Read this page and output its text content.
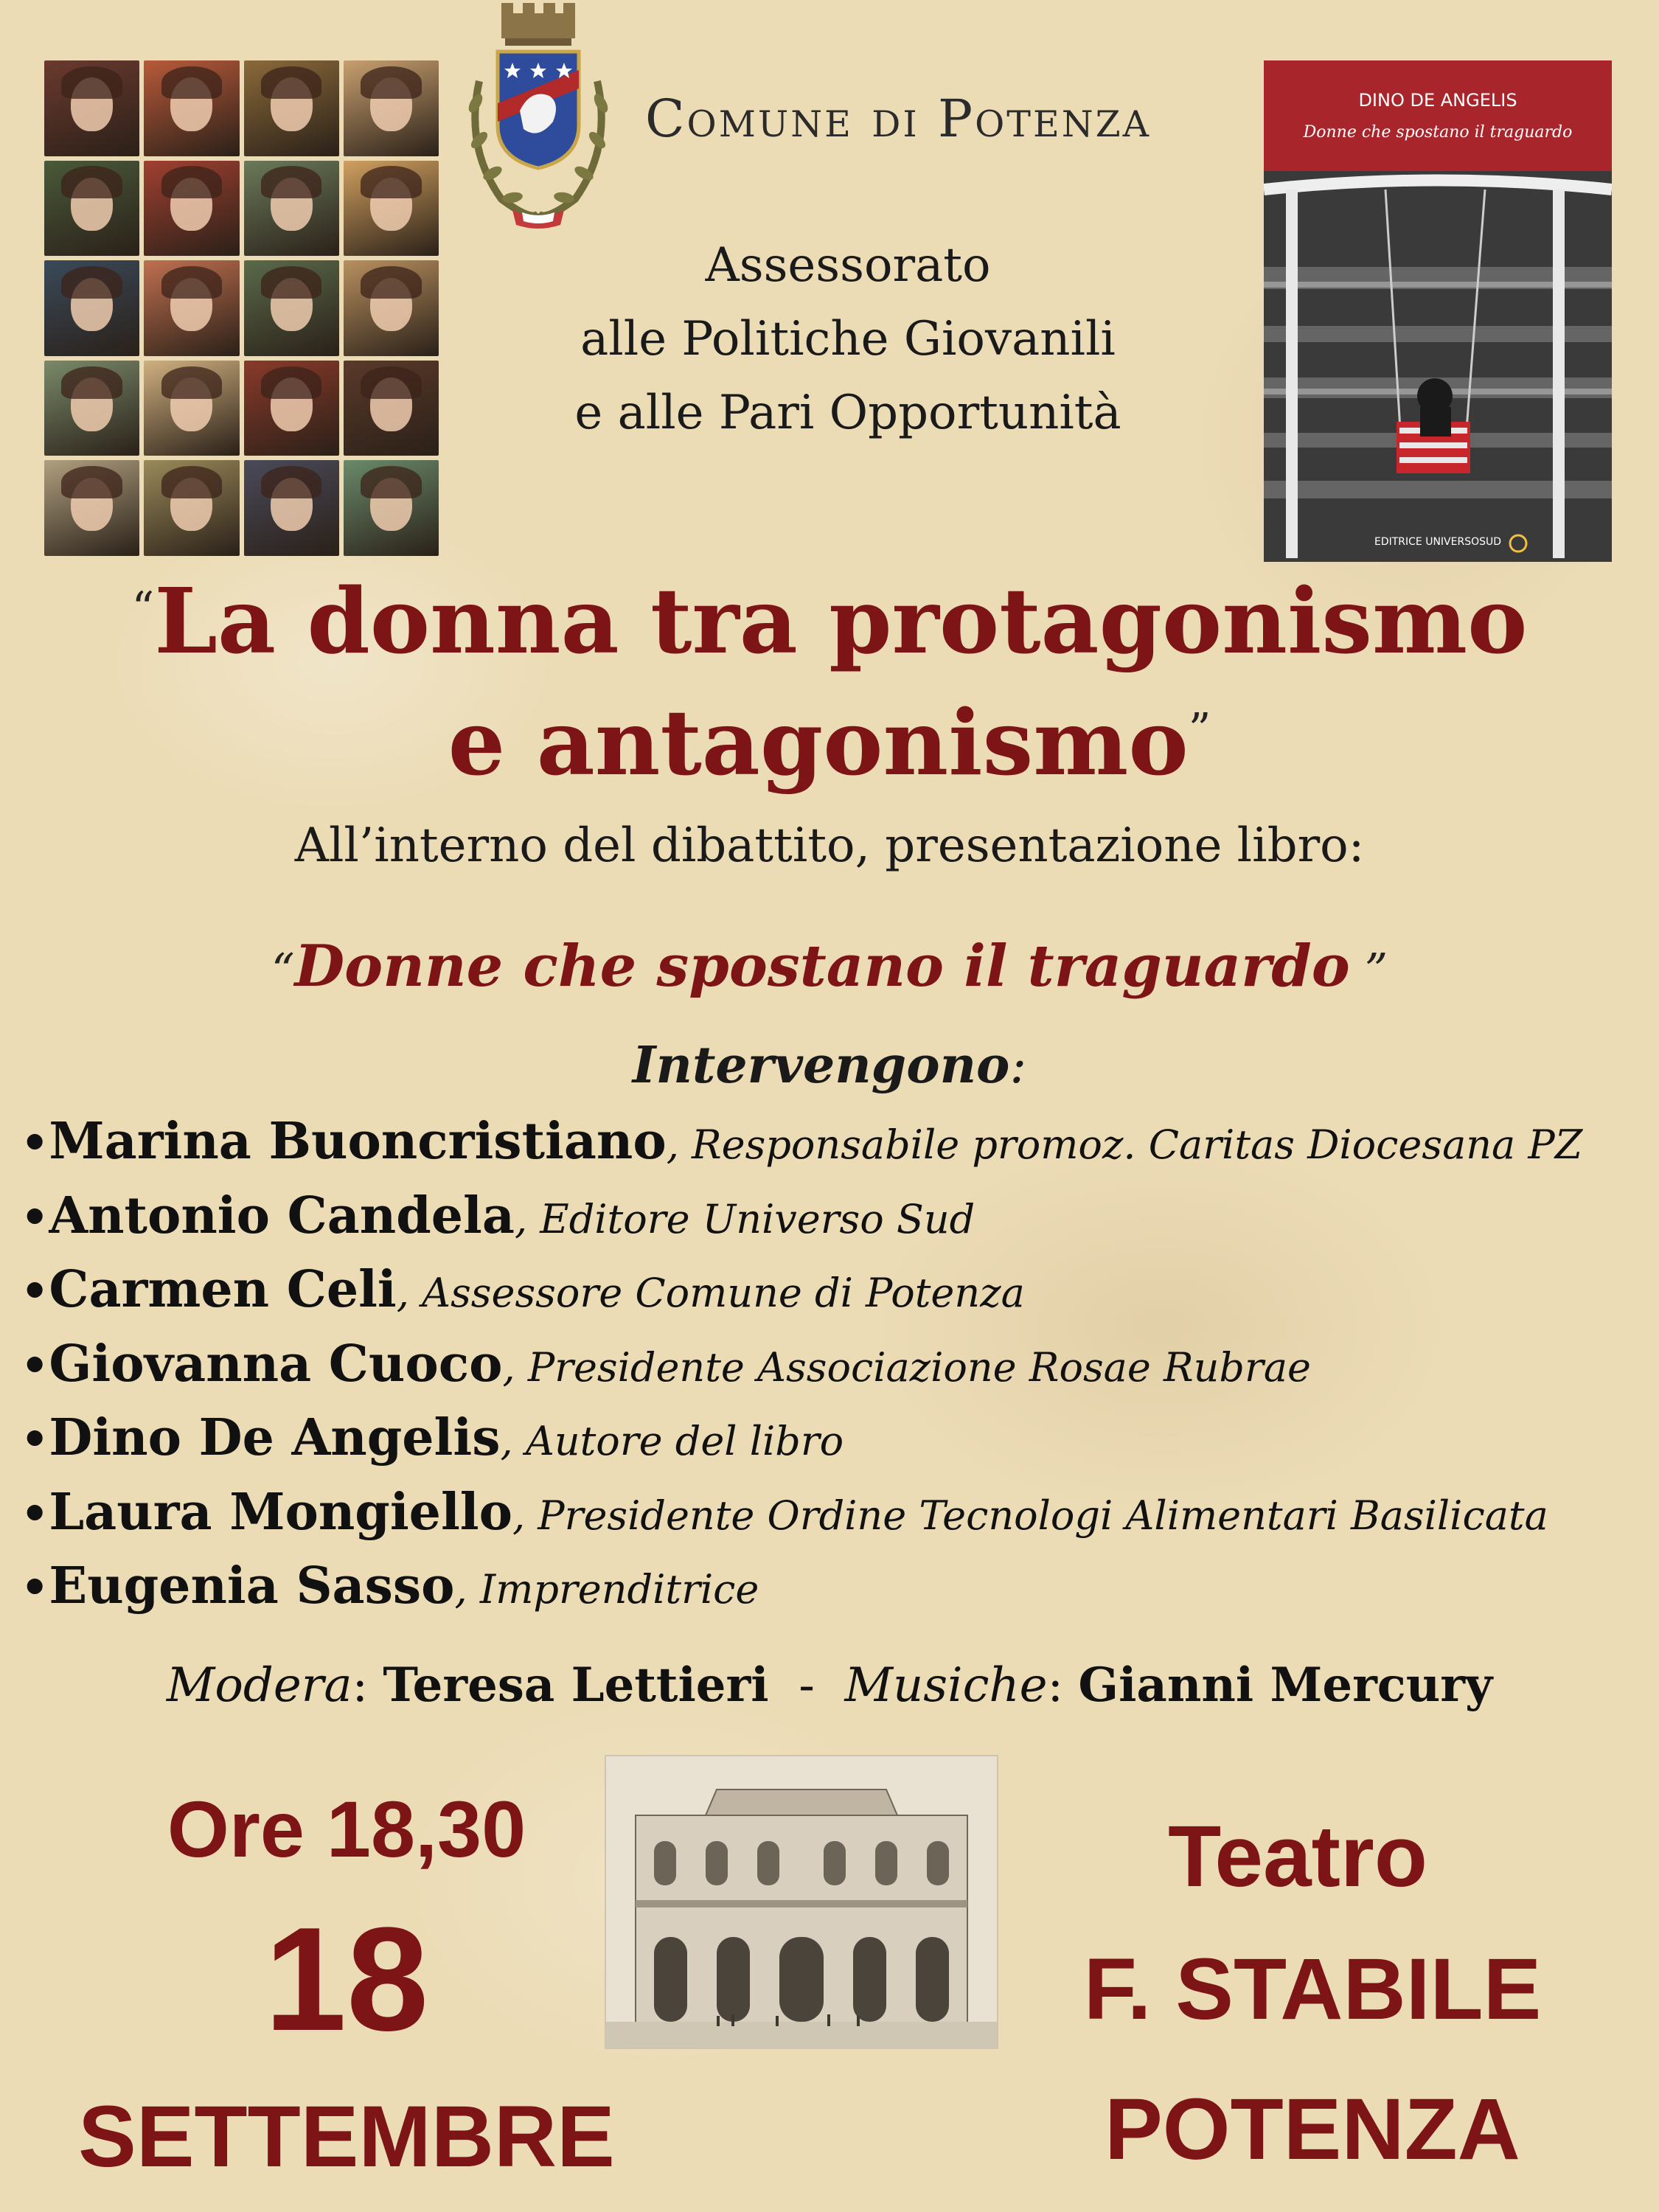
Comune di Potenza
Assessorato
alle Politiche Giovanili
e alle Pari Opportunità
DINO DE ANGELIS
Donne che spostano il traguardo
EDITRICE UNIVERSOSUD
“La donna tra protagonismo
e antagonismo”
All’interno del dibattito, presentazione libro:
“Donne che spostano il traguardo ”
Intervengono:
•Marina Buoncristiano, Responsabile promoz. Caritas Diocesana PZ
•Antonio Candela, Editore Universo Sud
•Carmen Celi, Assessore Comune di Potenza
•Giovanna Cuoco, Presidente Associazione Rosae Rubrae
•Dino De Angelis, Autore del libro
•Laura Mongiello, Presidente Ordine Tecnologi Alimentari Basilicata
•Eugenia Sasso, Imprenditrice
Modera: Teresa Lettieri  -  Musiche: Gianni Mercury
Ore 18,30
18
SETTEMBRE
Teatro
F. STABILE
POTENZA
